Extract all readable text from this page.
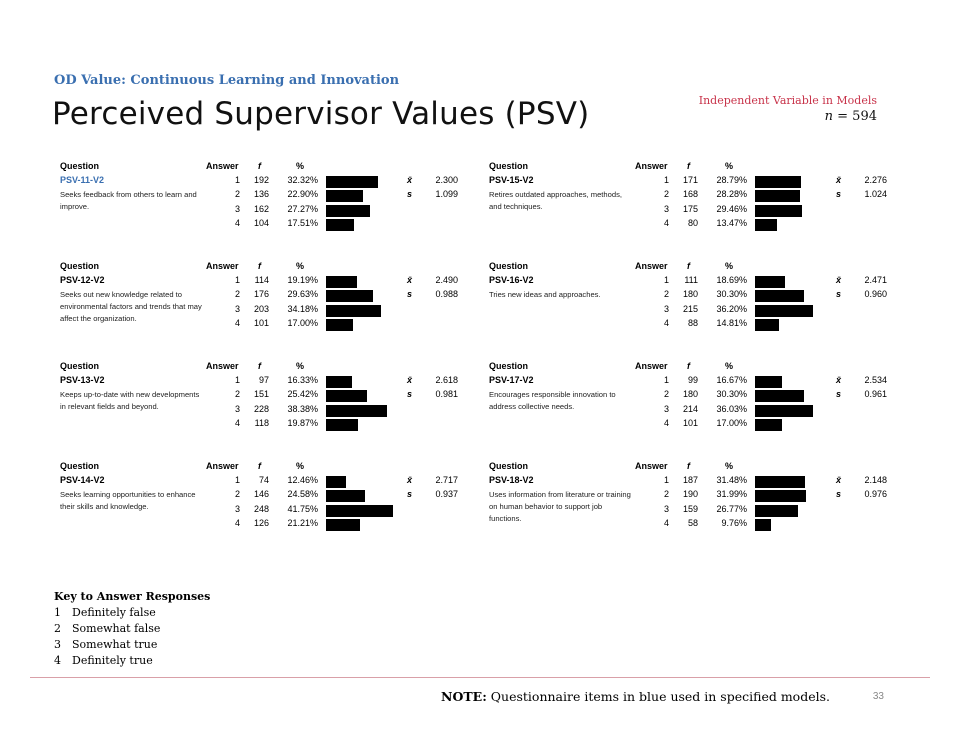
OD Value: Continuous Learning and Innovation
Perceived Supervisor Values (PSV)	Independent Variable in Models
n = 594
Question	Answer f	%
PSV-11-V2
Seeks feedback from others to learn and improve.
1	192	32.32%
2	136	22.90%
3	162	27.27%
4	104	17.51%
x̄	2.300
s	1.099
Question	Answer f	%
PSV-15-V2
Retires outdated approaches, methods, and techniques.
1	171	28.79%
2	168	28.28%
3	175	29.46%
4	80	13.47%
x̄	2.276
s	1.024
Question	Answer f	%
PSV-12-V2
Seeks out new knowledge related to environmental factors and trends that may affect the organization.
1	114	19.19%
2	176	29.63%
3	203	34.18%
4	101	17.00%
x̄	2.490
s	0.988
Question	Answer f	%
PSV-16-V2
Tries new ideas and approaches.
1	111	18.69%
2	180	30.30%
3	215	36.20%
4	88	14.81%
x̄	2.471
s	0.960
Question	Answer f	%
PSV-13-V2
Keeps up-to-date with new developments in relevant fields and beyond.
1	97	16.33%
2	151	25.42%
3	228	38.38%
4	118	19.87%
x̄	2.618
s	0.981
Question	Answer f	%
PSV-17-V2
Encourages responsible innovation to address collective needs.
1	99	16.67%
2	180	30.30%
3	214	36.03%
4	101	17.00%
x̄	2.534
s	0.961
Question	Answer f	%
PSV-14-V2
Seeks learning opportunities to enhance their skills and knowledge.
1	74	12.46%
2	146	24.58%
3	248	41.75%
4	126	21.21%
x̄	2.717
s	0.937
Question	Answer f	%
PSV-18-V2
Uses information from literature or training on human behavior to support job functions.
1	187	31.48%
2	190	31.99%
3	159	26.77%
4	58	9.76%
x̄	2.148
s	0.976
Key to Answer Responses
1 Definitely false
2 Somewhat false
3 Somewhat true
4 Definitely true
NOTE: Questionnaire items in blue used in specified models.	33
